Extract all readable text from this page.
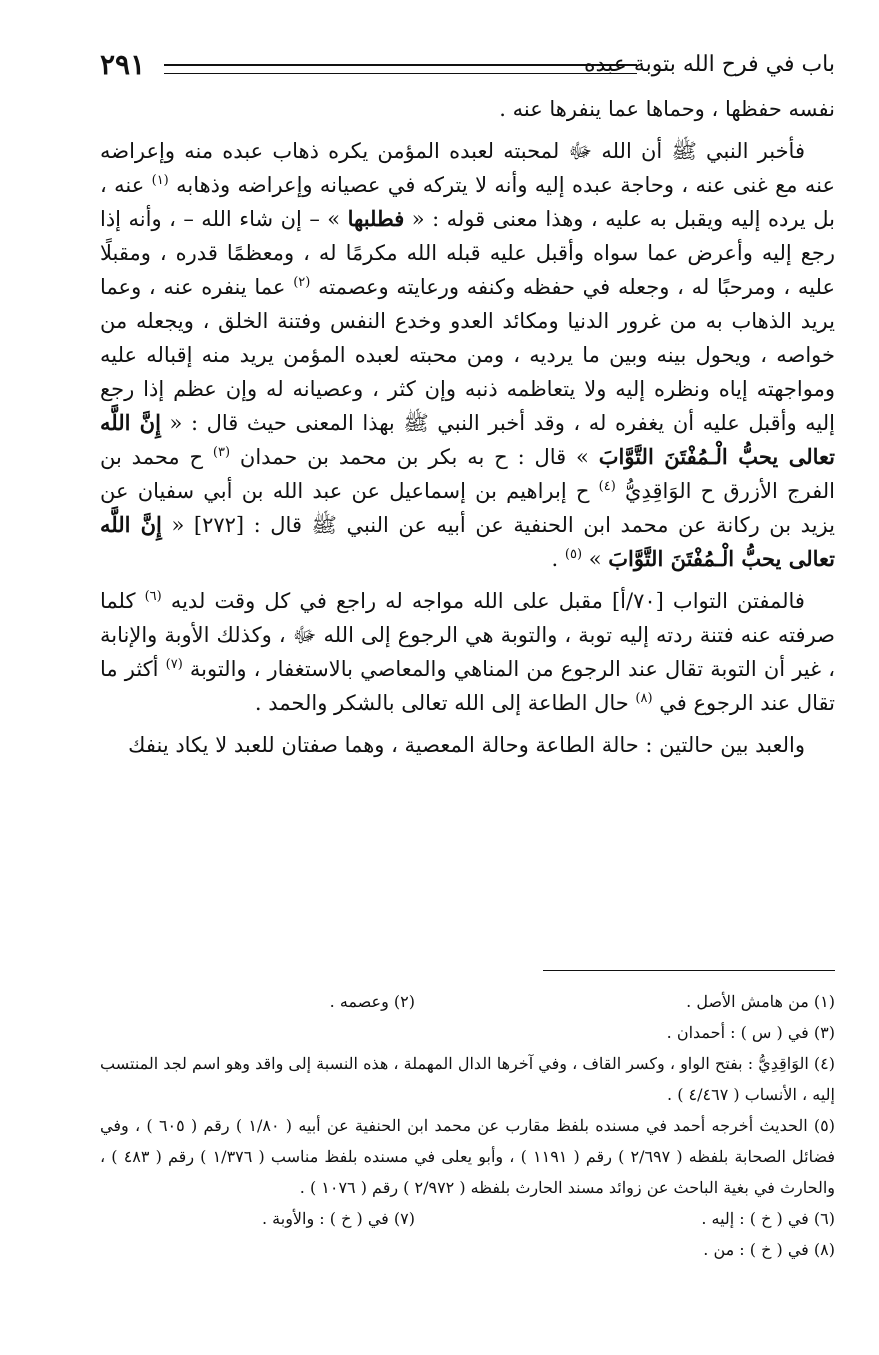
باب في فرح الله بتوبة عبده
٢٩١

نفسه حفظها ، وحماها عما ينفرها عنه .

فأخبر النبي ﷺ أن الله ﷻ لمحبته لعبده المؤمن يكره ذهاب عبده منه وإعراضه عنه مع غنى عنه ، وحاجة عبده إليه وأنه لا يتركه في عصيانه وإعراضه وذهابه $^{(١)}$ عنه ، بل يرده إليه ويقبل به عليه ، وهذا معنى قوله : « فطلبها » – إن شاء الله – ، وأنه إذا رجع إليه وأعرض عما سواه وأقبل عليه قبله الله مكرمًا له ، ومعظمًا قدره ، ومقبلًا عليه ، ومرحبًا له ، وجعله في حفظه وكنفه ورعايته وعصمته $^{(٢)}$ عما ينفره عنه ، وعما يريد الذهاب به من غرور الدنيا ومكائد العدو وخدع النفس وفتنة الخلق ، ويجعله من خواصه ، ويحول بينه وبين ما يرديه ، ومن محبته لعبده المؤمن يريد منه إقباله عليه ومواجهته إياه ونظره إليه ولا يتعاظمه ذنبه وإن كثر ، وعصيانه له وإن عظم إذا رجع إليه وأقبل عليه أن يغفره له ، وقد أخبر النبي ﷺ بهذا المعنى حيث قال : « إِنَّ اللَّه تعالى يحبُّ الْـمُفْتَنَ التَّوَّابَ » قال : ح به بكر بن محمد بن حمدان $^{(٣)}$ ح محمد بن الفرج الأزرق ح الوَاقِدِيُّ $^{(٤)}$ ح إبراهيم بن إسماعيل عن عبد الله بن أبي سفيان عن يزيد بن ركانة عن محمد ابن الحنفية عن أبيه عن النبي ﷺ قال : [٢٧٢] « إِنَّ اللَّه تعالى يحبُّ الْـمُفْتَنَ التَّوَّابَ » $^{(٥)}$ .

فالمفتن التواب [٧٠/أ] مقبل على الله مواجه له راجع في كل وقت لديه $^{(٦)}$ كلما صرفته عنه فتنة ردته إليه توبة ، والتوبة هي الرجوع إلى الله ﷻ ، وكذلك الأوبة والإنابة ، غير أن التوبة تقال عند الرجوع من المناهي والمعاصي بالاستغفار ، والتوبة $^{(٧)}$ أكثر ما تقال عند الرجوع في $^{(٨)}$ حال الطاعة إلى الله تعالى بالشكر والحمد .

والعبد بين حالتين : حالة الطاعة وحالة المعصية ، وهما صفتان للعبد لا يكاد ينفك

(١) من هامش الأصل .
(٢) وعصمه .
(٣) في ( س ) : أحمدان .
(٤) الوَاقِدِيُّ : بفتح الواو ، وكسر القاف ، وفي آخرها الدال المهملة ، هذه النسبة إلى واقد وهو اسم لجد المنتسب إليه ، الأنساب ( ٤/٤٦٧ ) .
(٥) الحديث أخرجه أحمد في مسنده بلفظ مقارب عن محمد ابن الحنفية عن أبيه ( ١/٨٠ ) رقم ( ٦٠٥ ) ، وفي فضائل الصحابة بلفظه ( ٢/٦٩٧ ) رقم ( ١١٩١ ) ، وأبو يعلى في مسنده بلفظ مناسب ( ١/٣٧٦ ) رقم ( ٤٨٣ ) ، والحارث في بغية الباحث عن زوائد مسند الحارث بلفظه ( ٢/٩٧٢ ) رقم ( ١٠٧٦ ) .
(٦) في ( خ ) : إليه .
(٧) في ( خ ) : والأوبة .
(٨) في ( خ ) : من .
